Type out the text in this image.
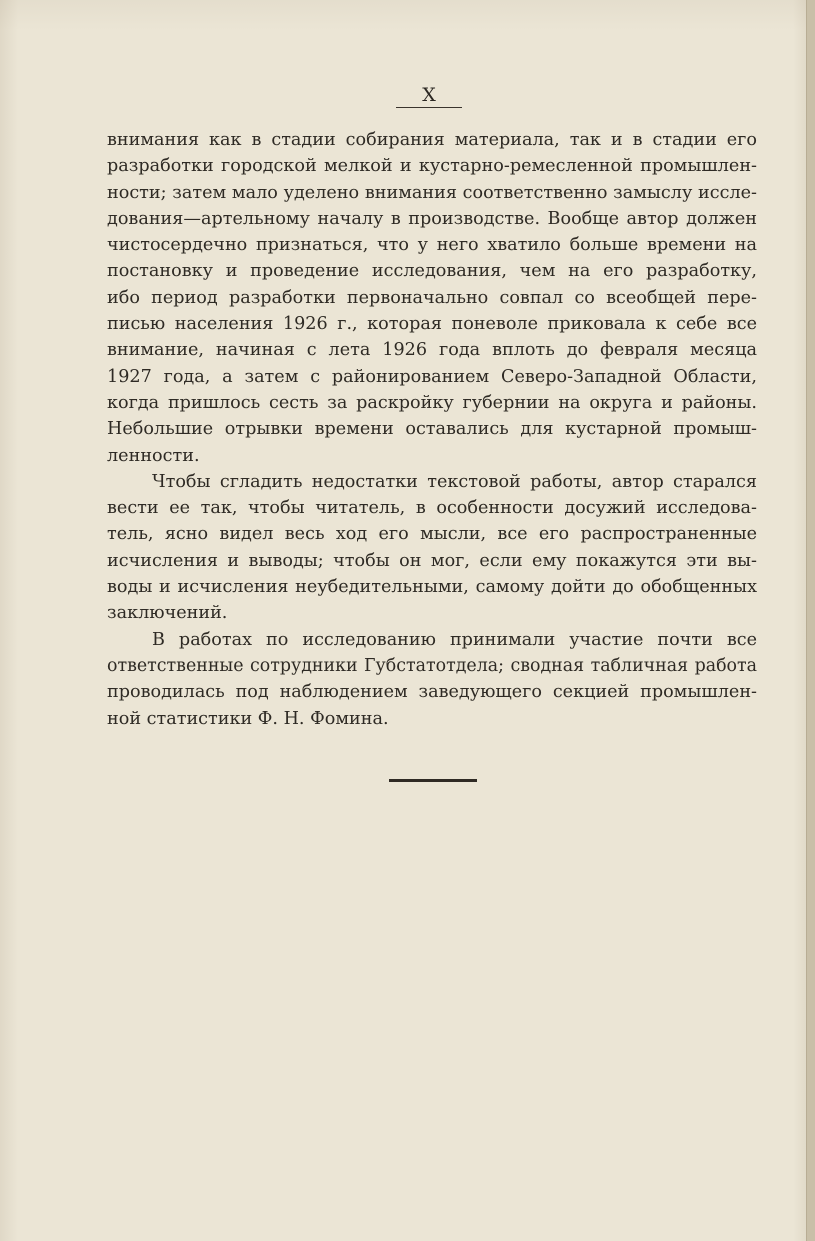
X

внимания как в стадии собирания материала, так и в стадии его
разработки городской мелкой и кустарно-ремесленной промышлен-
ности; затем мало уделено внимания соответственно замыслу иссле-
дования—артельному началу в производстве. Вообще автор должен
чистосердечно признаться, что у него хватило больше времени на
постановку и проведение исследования, чем на его разработку,
ибо период разработки первоначально совпал со всеобщей пере-
писью населения 1926 г., которая поневоле приковала к себе все
внимание, начиная с лета 1926 года вплоть до февраля месяца
1927 года, а затем с районированием Северо-Западной Области,
когда пришлось сесть за раскройку губернии на округа и районы.
Небольшие отрывки времени оставались для кустарной промыш-
ленности.

Чтобы сгладить недостатки текстовой работы, автор старался
вести ее так, чтобы читатель, в особенности досужий исследова-
тель, ясно видел весь ход его мысли, все его распространенные
исчисления и выводы; чтобы он мог, если ему покажутся эти вы-
воды и исчисления неубедительными, самому дойти до обобщенных
заключений.

В работах по исследованию принимали участие почти все
ответственные сотрудники Губстатотдела; сводная табличная работа
проводилась под наблюдением заведующего секцией промышлен-
ной статистики Ф. Н. Фомина.
